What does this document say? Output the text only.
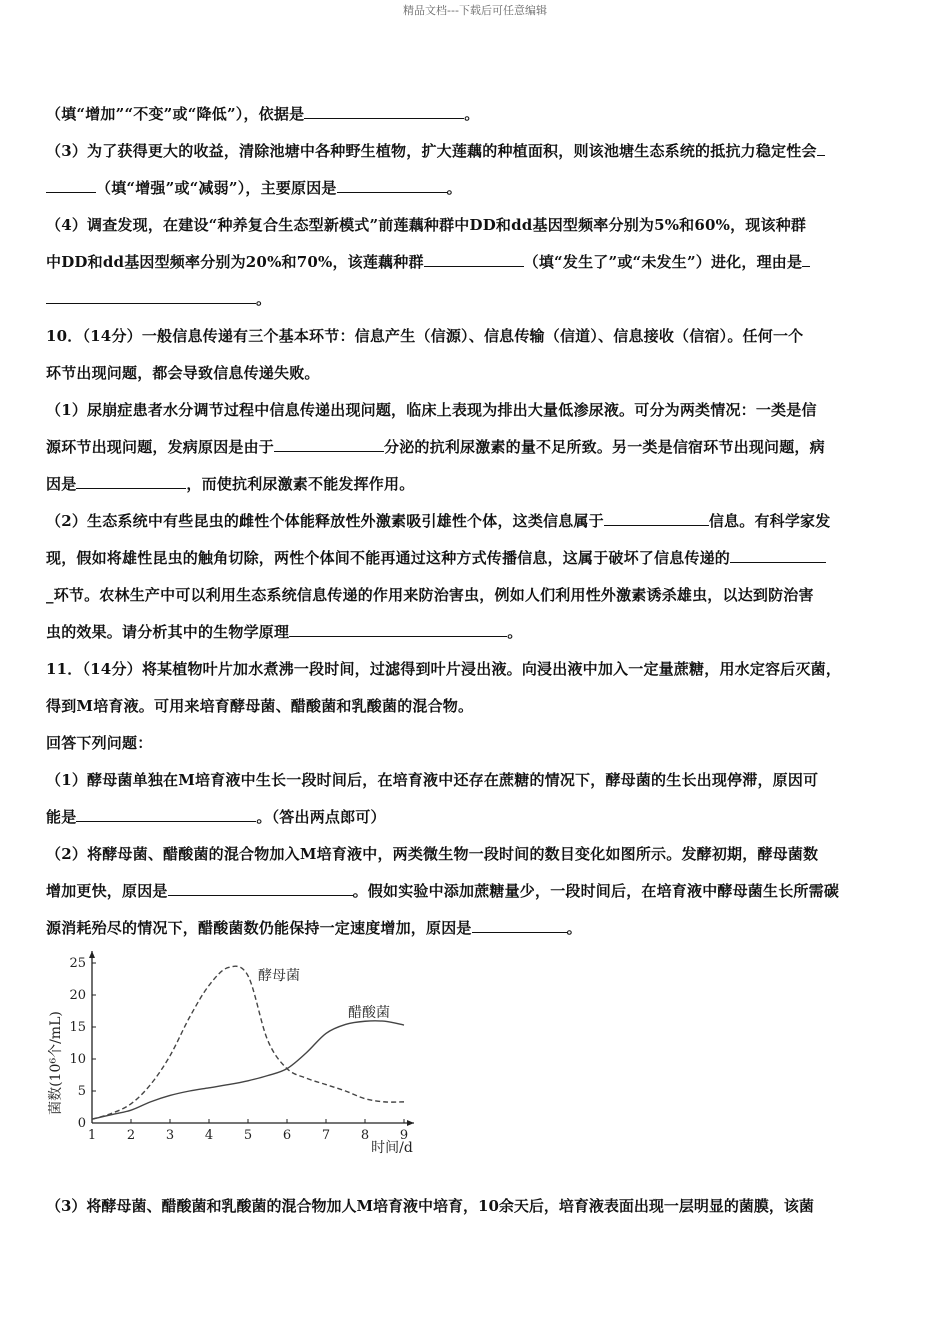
精品文档---下载后可任意编辑
（填“增加”“不变”或“降低”），依据是	。
（3）为了获得更大的收益，清除池塘中各种野生植物，扩大莲藕的种植面积，则该池塘生态系统的抵抗力稳定性会
（填“增强”或“减弱”），主要原因是	。
（4）调查发现，在建设“种养复合生态型新模式”前莲藕种群中DD和dd基因型频率分别为5%和60%，现该种群
中DD和dd基因型频率分别为20%和70%，该莲藕种群	（填“发生了”或“未发生”）进化，理由是
。
10．（14分）一般信息传递有三个基本环节：信息产生（信源）、信息传输（信道）、信息接收（信宿）。任何一个
环节出现问题，都会导致信息传递失败。
（1）尿崩症患者水分调节过程中信息传递出现问题，临床上表现为排出大量低渗尿液。可分为两类情况：一类是信
源环节出现问题，发病原因是由于	分泌的抗利尿激素的量不足所致。另一类是信宿环节出现问题，病
因是	，而使抗利尿激素不能发挥作用。
（2）生态系统中有些昆虫的雌性个体能释放性外激素吸引雄性个体，这类信息属于	信息。有科学家发
现，假如将雄性昆虫的触角切除，两性个体间不能再通过这种方式传播信息，这属于破坏了信息传递的
_环节。农林生产中可以利用生态系统信息传递的作用来防治害虫，例如人们利用性外激素诱杀雄虫，以达到防治害
虫的效果。请分析其中的生物学原理	。
11．（14分）将某植物叶片加水煮沸一段时间，过滤得到叶片浸出液。向浸出液中加入一定量蔗糖，用水定容后灭菌，
得到M培育液。可用来培育酵母菌、醋酸菌和乳酸菌的混合物。
回答下列问题：
（1）酵母菌单独在M培育液中生长一段时间后，在培育液中还存在蔗糖的情况下，酵母菌的生长出现停滞，原因可
能是	。（答出两点郎可）
（2）将酵母菌、醋酸菌的混合物加入M培育液中，两类微生物一段时间的数目变化如图所示。发酵初期，酵母菌数
增加更快，原因是	。假如实验中添加蔗糖量少，一段时间后，在培育液中酵母菌生长所需碳
源消耗殆尽的情况下，醋酸菌数仍能保持一定速度增加，原因是	。
1 2 3 4 5 6 7 8 9
0
5
10
15
20
25
菌数(10⁶个/mL)
时间/d
酵母菌
醋酸菌
（3）将酵母菌、醋酸菌和乳酸菌的混合物加人M培育液中培育，10余天后，培育液表面出现一层明显的菌膜，该菌
